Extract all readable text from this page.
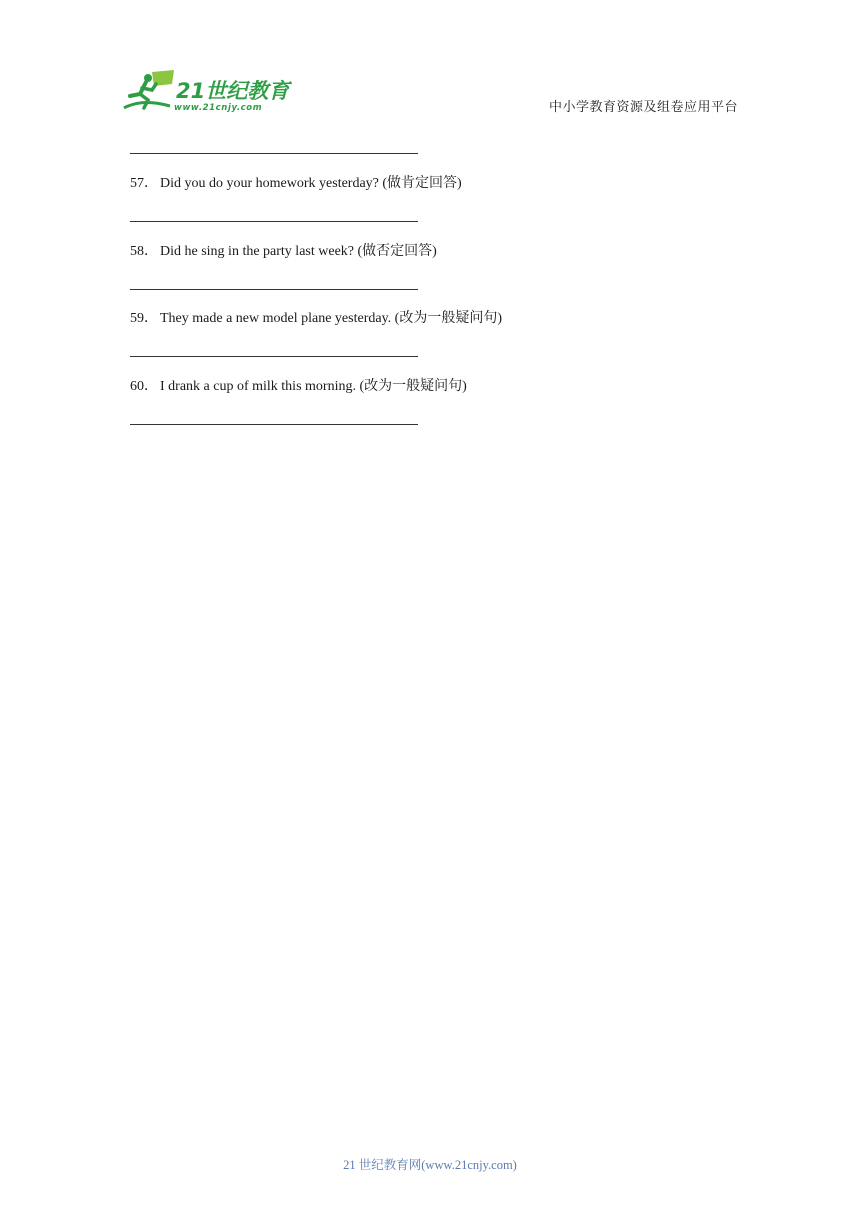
21世纪教育
www.21cnjy.com	中小学教育资源及组卷应用平台
57． Did you do your homework yesterday? (做肯定回答)
58． Did he sing in the party last week? (做否定回答)
59． They made a new model plane yesterday. (改为一般疑问句)
60． I drank a cup of milk this morning. (改为一般疑问句)
21 世纪教育网(www.21cnjy.com)
